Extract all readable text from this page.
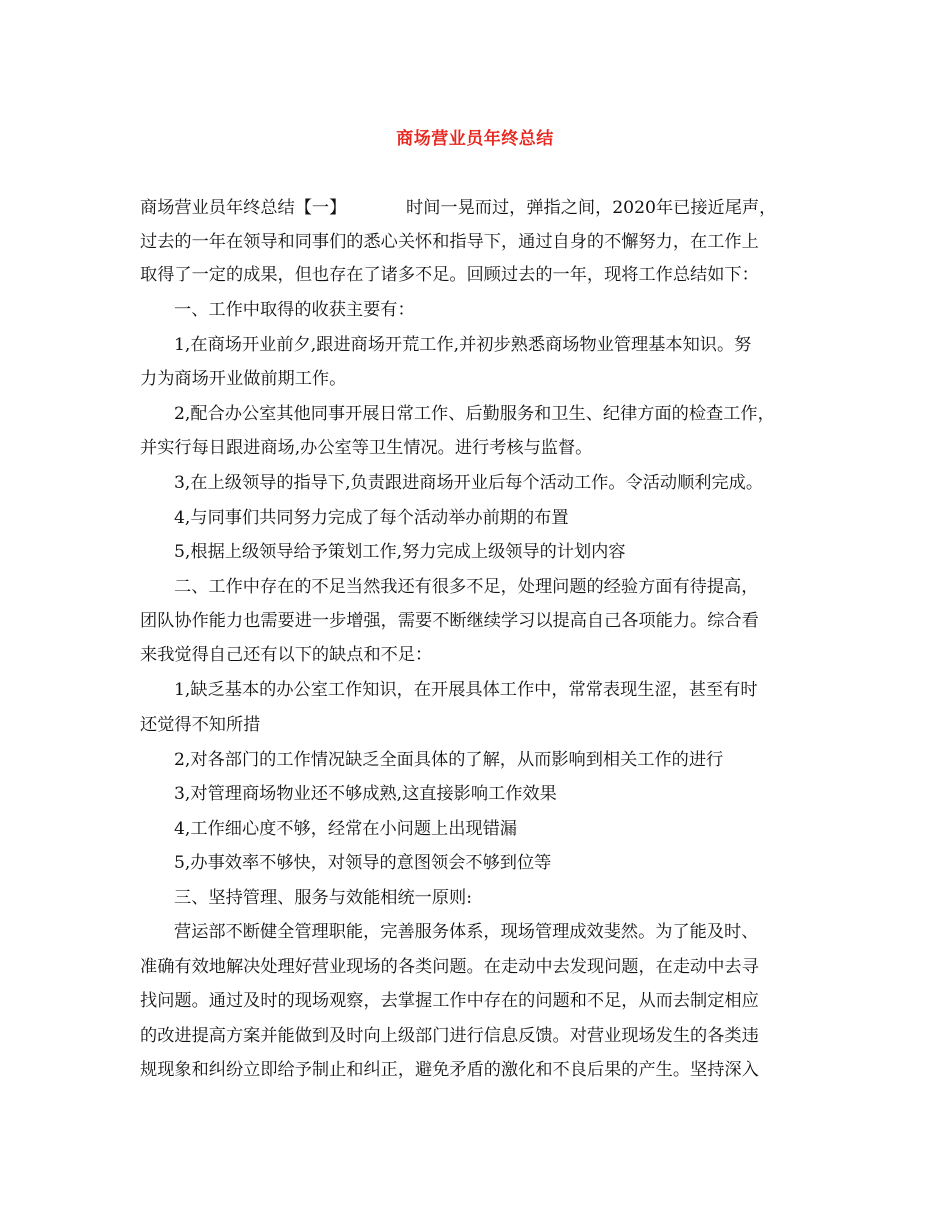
商场营业员年终总结
商场营业员年终总结【一】	时间一晃而过，弹指之间，2020年已接近尾声，
过去的一年在领导和同事们的悉心关怀和指导下，通过自身的不懈努力，在工作上
取得了一定的成果，但也存在了诸多不足。回顾过去的一年，现将工作总结如下：
一、工作中取得的收获主要有：
1,在商场开业前夕,跟进商场开荒工作,并初步熟悉商场物业管理基本知识。努
力为商场开业做前期工作。
2,配合办公室其他同事开展日常工作、后勤服务和卫生、纪律方面的检查工作，
并实行每日跟进商场,办公室等卫生情况。进行考核与监督。
3,在上级领导的指导下,负责跟进商场开业后每个活动工作。令活动顺利完成。
4,与同事们共同努力完成了每个活动举办前期的布置
5,根据上级领导给予策划工作,努力完成上级领导的计划内容
二、工作中存在的不足当然我还有很多不足，处理问题的经验方面有待提高，
团队协作能力也需要进一步增强，需要不断继续学习以提高自己各项能力。综合看
来我觉得自己还有以下的缺点和不足：
1,缺乏基本的办公室工作知识，在开展具体工作中，常常表现生涩，甚至有时
还觉得不知所措
2,对各部门的工作情况缺乏全面具体的了解，从而影响到相关工作的进行
3,对管理商场物业还不够成熟,这直接影响工作效果
4,工作细心度不够，经常在小问题上出现错漏
5,办事效率不够快，对领导的意图领会不够到位等
三、坚持管理、服务与效能相统一原则:
营运部不断健全管理职能，完善服务体系，现场管理成效斐然。为了能及时、
准确有效地解决处理好营业现场的各类问题。在走动中去发现问题，在走动中去寻
找问题。通过及时的现场观察，去掌握工作中存在的问题和不足，从而去制定相应
的改进提高方案并能做到及时向上级部门进行信息反馈。对营业现场发生的各类违
规现象和纠纷立即给予制止和纠正，避免矛盾的激化和不良后果的产生。坚持深入
